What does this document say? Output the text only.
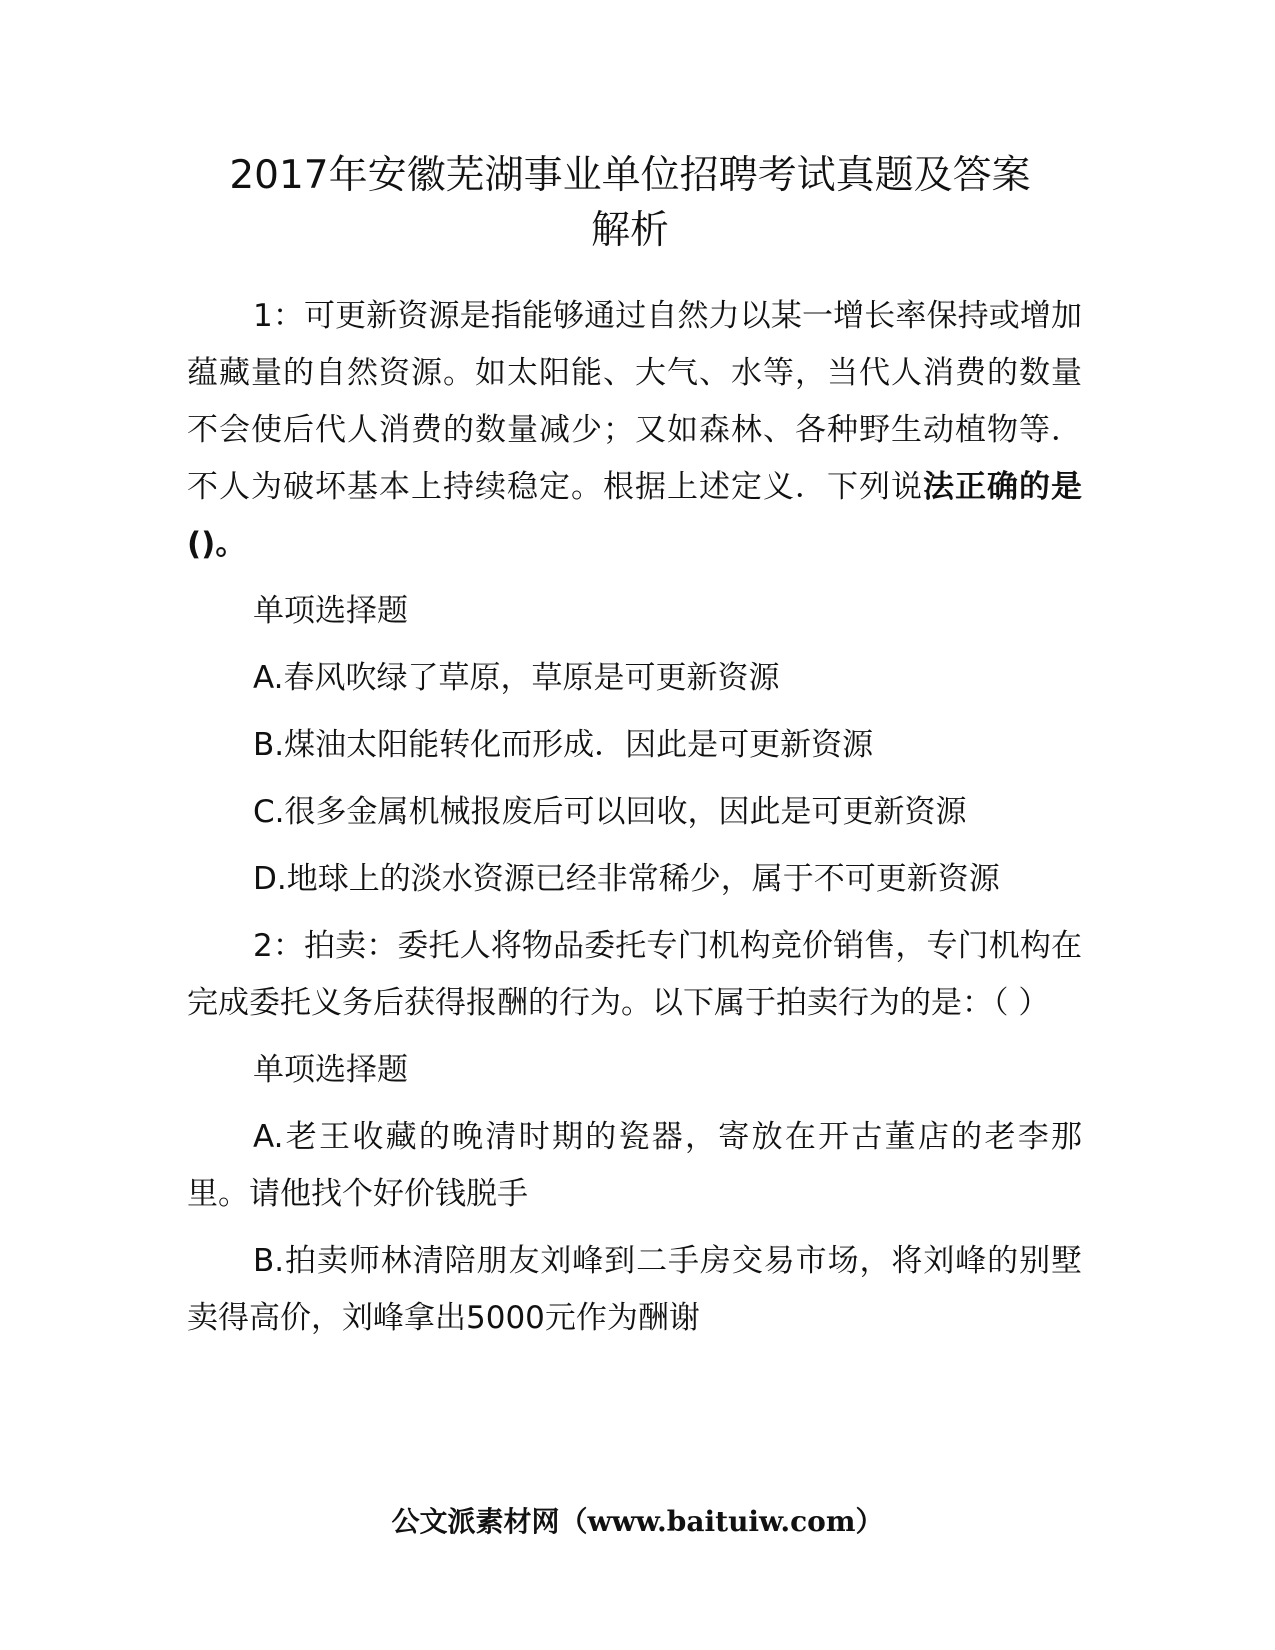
2017年安徽芜湖事业单位招聘考试真题及答案
解析

1：可更新资源是指能够通过自然力以某一增长率保持或增加蕴藏量的自然资源。如太阳能、大气、水等，当代人消费的数量不会使后代人消费的数量减少；又如森林、各种野生动植物等．不人为破坏基本上持续稳定。根据上述定义．下列说法正确的是()。

单项选择题

A.春风吹绿了草原，草原是可更新资源

B.煤油太阳能转化而形成．因此是可更新资源

C.很多金属机械报废后可以回收，因此是可更新资源

D.地球上的淡水资源已经非常稀少，属于不可更新资源

2：拍卖：委托人将物品委托专门机构竞价销售，专门机构在完成委托义务后获得报酬的行为。以下属于拍卖行为的是：（ ）

单项选择题

A.老王收藏的晚清时期的瓷器，寄放在开古董店的老李那里。请他找个好价钱脱手

B.拍卖师林清陪朋友刘峰到二手房交易市场，将刘峰的别墅卖得高价，刘峰拿出5000元作为酬谢

公文派素材网（www.baituiw.com）
